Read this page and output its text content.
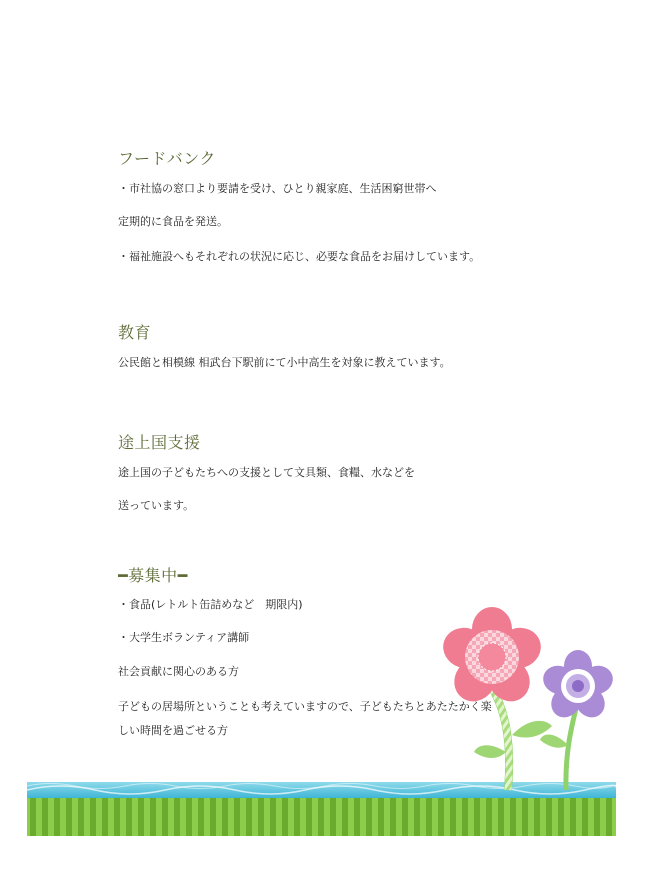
フードバンク

・市社協の窓口より要請を受け、ひとり親家庭、生活困窮世帯へ

定期的に食品を発送。

・福祉施設へもそれぞれの状況に応じ、必要な食品をお届けしています。

教育

公民館と相模線 相武台下駅前にて小中高生を対象に教えています。

途上国支援

途上国の子どもたちへの支援として文具類、食糧、水などを

送っています。

━募集中━

・食品(レトルト缶詰めなど　期限内)

・大学生ボランティア講師

社会貢献に関心のある方

子どもの居場所ということも考えていますので、子どもたちとあたたかく楽

しい時間を過ごせる方
